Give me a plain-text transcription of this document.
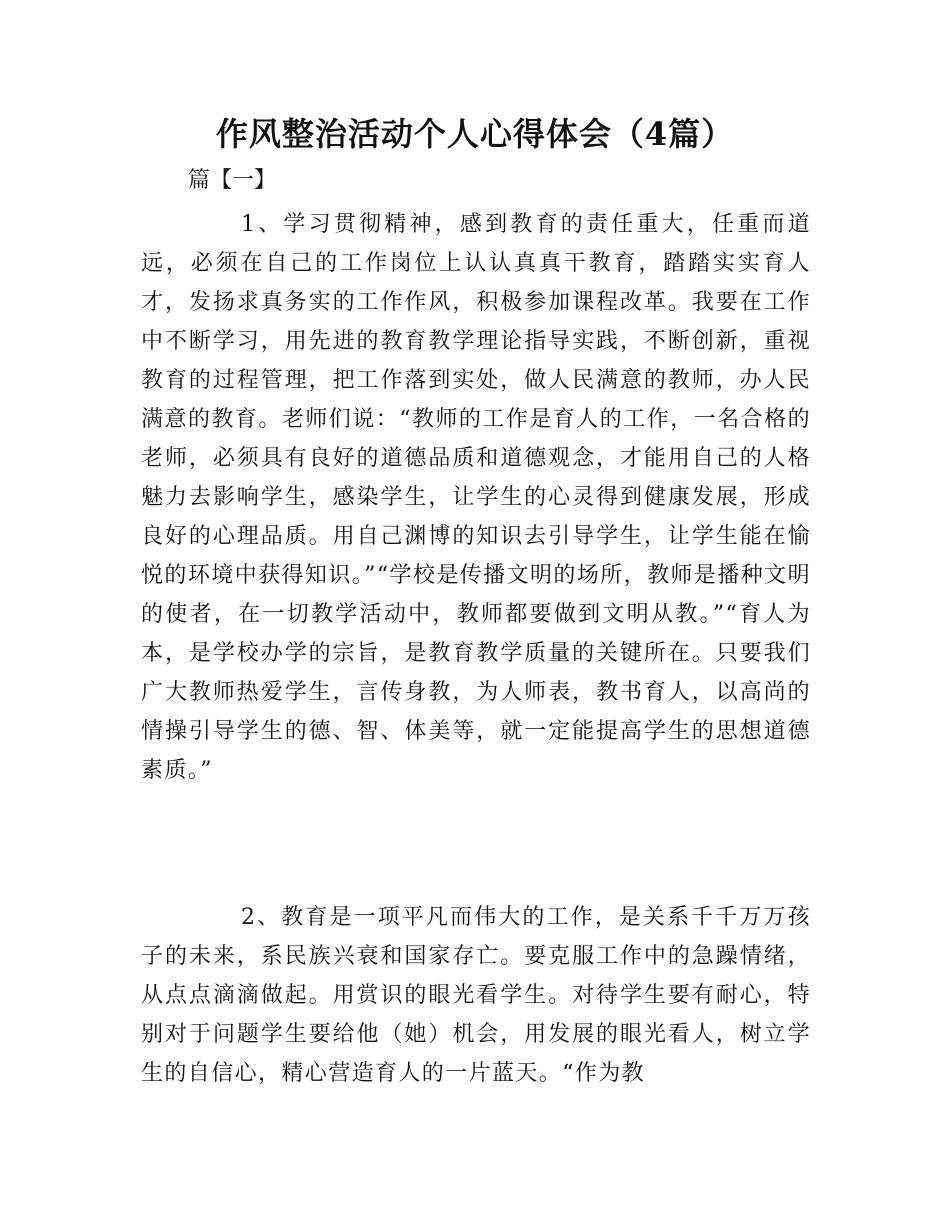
作风整治活动个人心得体会（4篇）

篇【一】

1、学习贯彻精神，感到教育的责任重大，任重而道远，必须在自己的工作岗位上认认真真干教育，踏踏实实育人才，发扬求真务实的工作作风，积极参加课程改革。我要在工作中不断学习，用先进的教育教学理论指导实践，不断创新，重视教育的过程管理，把工作落到实处，做人民满意的教师，办人民满意的教育。老师们说：“教师的工作是育人的工作，一名合格的老师，必须具有良好的道德品质和道德观念，才能用自己的人格魅力去影响学生，感染学生，让学生的心灵得到健康发展，形成良好的心理品质。用自己渊博的知识去引导学生，让学生能在愉悦的环境中获得知识。”“学校是传播文明的场所，教师是播种文明的使者，在一切教学活动中，教师都要做到文明从教。”“育人为本，是学校办学的宗旨，是教育教学质量的关键所在。只要我们广大教师热爱学生，言传身教，为人师表，教书育人，以高尚的情操引导学生的德、智、体美等，就一定能提高学生的思想道德素质。”

2、教育是一项平凡而伟大的工作，是关系千千万万孩子的未来，系民族兴衰和国家存亡。要克服工作中的急躁情绪，从点点滴滴做起。用赏识的眼光看学生。对待学生要有耐心，特别对于问题学生要给他（她）机会，用发展的眼光看人，树立学生的自信心，精心营造育人的一片蓝天。“作为教
